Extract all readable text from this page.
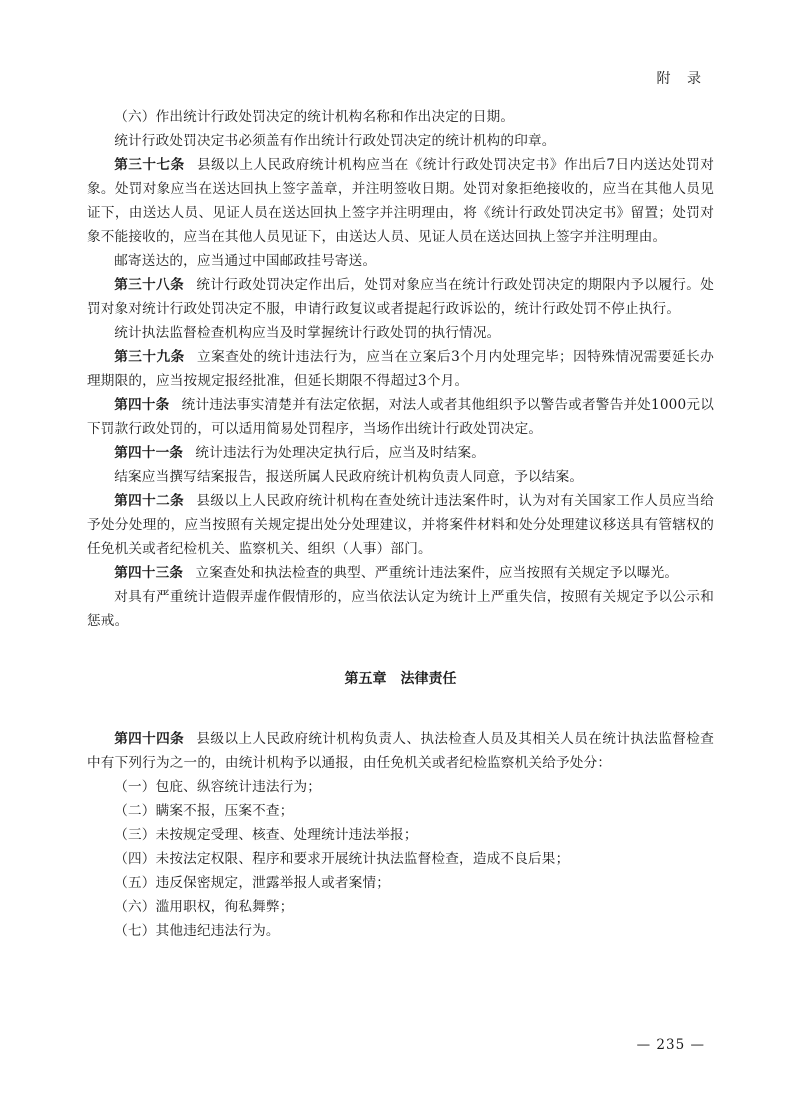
附 录

（六）作出统计行政处罚决定的统计机构名称和作出决定的日期。

统计行政处罚决定书必须盖有作出统计行政处罚决定的统计机构的印章。

第三十七条 县级以上人民政府统计机构应当在《统计行政处罚决定书》作出后7日内送达处罚对象。处罚对象应当在送达回执上签字盖章，并注明签收日期。处罚对象拒绝接收的，应当在其他人员见证下，由送达人员、见证人员在送达回执上签字并注明理由，将《统计行政处罚决定书》留置；处罚对象不能接收的，应当在其他人员见证下，由送达人员、见证人员在送达回执上签字并注明理由。

邮寄送达的，应当通过中国邮政挂号寄送。

第三十八条 统计行政处罚决定作出后，处罚对象应当在统计行政处罚决定的期限内予以履行。处罚对象对统计行政处罚决定不服，申请行政复议或者提起行政诉讼的，统计行政处罚不停止执行。

统计执法监督检查机构应当及时掌握统计行政处罚的执行情况。

第三十九条 立案查处的统计违法行为，应当在立案后3个月内处理完毕；因特殊情况需要延长办理期限的，应当按规定报经批准，但延长期限不得超过3个月。

第四十条 统计违法事实清楚并有法定依据，对法人或者其他组织予以警告或者警告并处1000元以下罚款行政处罚的，可以适用简易处罚程序，当场作出统计行政处罚决定。

第四十一条 统计违法行为处理决定执行后，应当及时结案。

结案应当撰写结案报告，报送所属人民政府统计机构负责人同意，予以结案。

第四十二条 县级以上人民政府统计机构在查处统计违法案件时，认为对有关国家工作人员应当给予处分处理的，应当按照有关规定提出处分处理建议，并将案件材料和处分处理建议移送具有管辖权的任免机关或者纪检机关、监察机关、组织（人事）部门。

第四十三条 立案查处和执法检查的典型、严重统计违法案件，应当按照有关规定予以曝光。

对具有严重统计造假弄虚作假情形的，应当依法认定为统计上严重失信，按照有关规定予以公示和惩戒。

第五章　法律责任

第四十四条 县级以上人民政府统计机构负责人、执法检查人员及其相关人员在统计执法监督检查中有下列行为之一的，由统计机构予以通报，由任免机关或者纪检监察机关给予处分：

（一）包庇、纵容统计违法行为；

（二）瞒案不报，压案不查；

（三）未按规定受理、核查、处理统计违法举报；

（四）未按法定权限、程序和要求开展统计执法监督检查，造成不良后果；

（五）违反保密规定，泄露举报人或者案情；

（六）滥用职权，徇私舞弊；

（七）其他违纪违法行为。

— 235 —
